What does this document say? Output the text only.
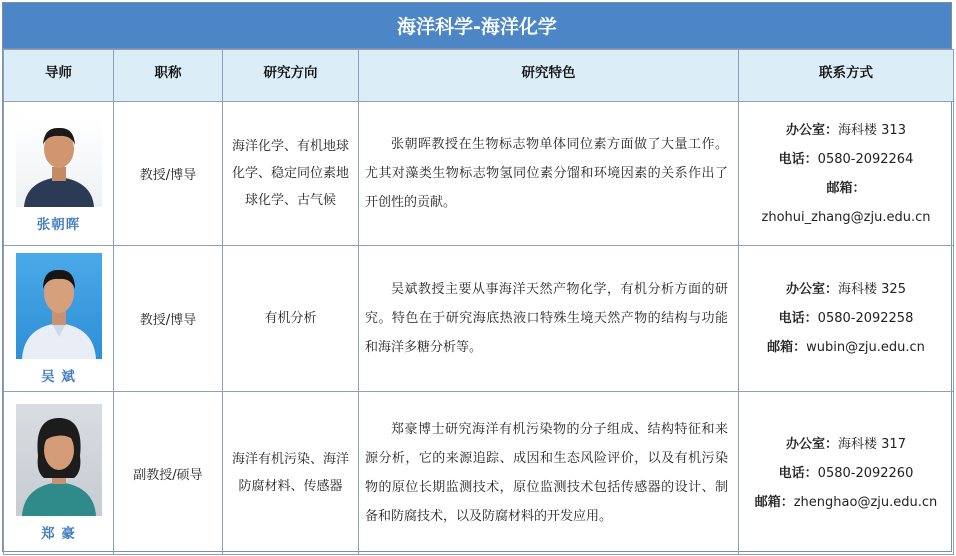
海洋科学-海洋化学
导师	职称	研究方向	研究特色	联系方式

张朝晖	教授/博导	海洋化学、有机地球化学、稳定同位素地球化学、古气候	张朝晖教授在生物标志物单体同位素方面做了大量工作。尤其对藻类生物标志物氢同位素分馏和环境因素的关系作出了开创性的贡献。	办公室：海科楼 313
电话：0580-2092264
邮箱：
zhohui_zhang@zju.edu.cn

吴 斌	教授/博导	有机分析	吴斌教授主要从事海洋天然产物化学，有机分析方面的研究。特色在于研究海底热液口特殊生境天然产物的结构与功能和海洋多糖分析等。	办公室：海科楼 325
电话：0580-2092258
邮箱：wubin@zju.edu.cn

郑 豪	副教授/硕导	海洋有机污染、海洋防腐材料、传感器	郑豪博士研究海洋有机污染物的分子组成、结构特征和来源分析，它的来源追踪、成因和生态风险评价，以及有机污染物的原位长期监测技术，原位监测技术包括传感器的设计、制备和防腐技术，以及防腐材料的开发应用。	办公室：海科楼 317
电话：0580-2092260
邮箱：zhenghao@zju.edu.cn
